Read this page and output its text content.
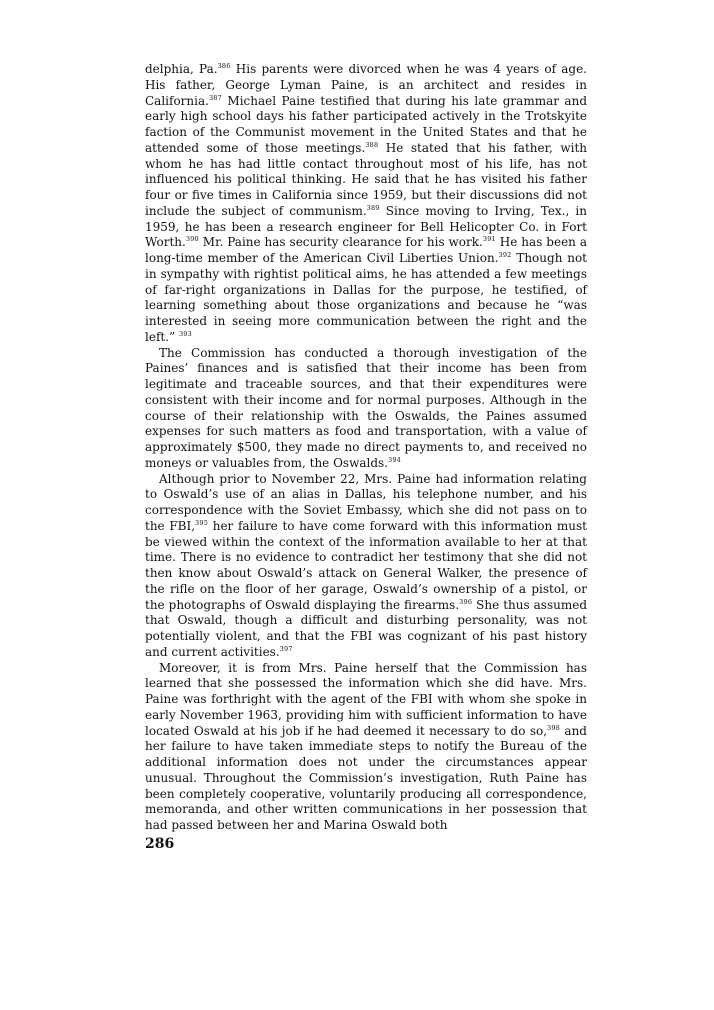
delphia, Pa.$^{386}$ His parents were divorced when he was 4 years of age. His father, George Lyman Paine, is an architect and resides in California.$^{387}$ Michael Paine testified that during his late grammar and early high school days his father participated actively in the Trotskyite faction of the Communist movement in the United States and that he attended some of those meetings.$^{388}$ He stated that his father, with whom he has had little contact throughout most of his life, has not influenced his political thinking. He said that he has visited his father four or five times in California since 1959, but their discussions did not include the subject of communism.$^{389}$ Since moving to Irving, Tex., in 1959, he has been a research engineer for Bell Helicopter Co. in Fort Worth.$^{390}$ Mr. Paine has security clearance for his work.$^{391}$ He has been a long-time member of the American Civil Liberties Union.$^{392}$ Though not in sympathy with rightist political aims, he has attended a few meetings of far-right organizations in Dallas for the purpose, he testified, of learning something about those organizations and because he “was interested in seeing more communication between the right and the left.” $^{393}$

The Commission has conducted a thorough investigation of the Paines’ finances and is satisfied that their income has been from legitimate and traceable sources, and that their expenditures were consistent with their income and for normal purposes. Although in the course of their relationship with the Oswalds, the Paines assumed expenses for such matters as food and transportation, with a value of approximately $500, they made no direct payments to, and received no moneys or valuables from, the Oswalds.$^{394}$

Although prior to November 22, Mrs. Paine had information relating to Oswald’s use of an alias in Dallas, his telephone number, and his correspondence with the Soviet Embassy, which she did not pass on to the FBI,$^{395}$ her failure to have come forward with this information must be viewed within the context of the information available to her at that time. There is no evidence to contradict her testimony that she did not then know about Oswald’s attack on General Walker, the presence of the rifle on the floor of her garage, Oswald’s ownership of a pistol, or the photographs of Oswald displaying the firearms.$^{396}$ She thus assumed that Oswald, though a difficult and disturbing personality, was not potentially violent, and that the FBI was cognizant of his past history and current activities.$^{397}$

Moreover, it is from Mrs. Paine herself that the Commission has learned that she possessed the information which she did have. Mrs. Paine was forthright with the agent of the FBI with whom she spoke in early November 1963, providing him with sufficient information to have located Oswald at his job if he had deemed it necessary to do so,$^{398}$ and her failure to have taken immediate steps to notify the Bureau of the additional information does not under the circumstances appear unusual. Throughout the Commission’s investigation, Ruth Paine has been completely cooperative, voluntarily producing all correspondence, memoranda, and other written communications in her possession that had passed between her and Marina Oswald both

286
